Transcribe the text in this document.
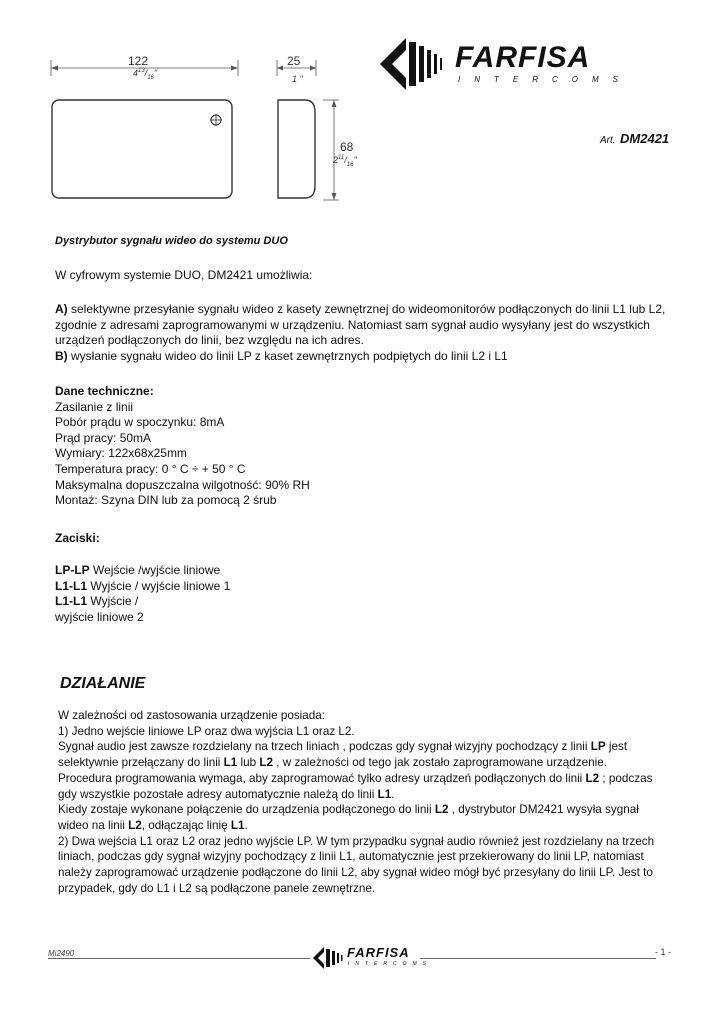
122
$4^{13}/_{16}$"
25
1 "
68
$2^{11}/_{16}$"
FARFISA
INTERCOMS
Art. DM2421
Dystrybutor sygnału wideo do systemu DUO
W cyfrowym systemie DUO, DM2421 umożliwia:
A) selektywne przesyłanie sygnału wideo z kasety zewnętrznej do wideomonitorów podłączonych do linii L1 lub L2,
zgodnie z adresami zaprogramowanymi w urządzeniu. Natomiast sam sygnał audio wysyłany jest do wszystkich
urządzeń podłączonych do linii, bez względu na ich adres.
B) wysłanie sygnału wideo do linii LP z kaset zewnętrznych podpiętych do linii L2 i L1
Dane techniczne:
Zasilanie z linii
Pobór prądu w spoczynku: 8mA
Prąd pracy: 50mA
Wymiary: 122x68x25mm
Temperatura pracy: 0 ° C ÷ + 50 ° C
Maksymalna dopuszczalna wilgotność: 90% RH
Montaż: Szyna DIN lub za pomocą 2 śrub
Zaciski:
LP-LP Wejście /wyjście liniowe
L1-L1 Wyjście / wyjście liniowe 1
L1-L1 Wyjście /
wyjście liniowe 2
DZIAŁANIE
W zależności od zastosowania urządzenie posiada:
1) Jedno wejście liniowe LP oraz dwa wyjścia L1 oraz L2.
Sygnał audio jest zawsze rozdzielany na trzech liniach , podczas gdy sygnał wizyjny pochodzący z linii LP jest
selektywnie przełączany do linii L1 lub L2 , w zależności od tego jak zostało zaprogramowane urządzenie.
Procedura programowania wymaga, aby zaprogramować tylko adresy urządzeń podłączonych do linii L2 ; podczas
gdy wszystkie pozostałe adresy automatycznie należą do linii L1.
Kiedy zostaje wykonane połączenie do urządzenia podłączonego do linii L2 , dystrybutor DM2421 wysyła sygnał
wideo na linii L2, odłączając linię L1.
2) Dwa wejścia L1 oraz L2 oraz jedno wyjście LP. W tym przypadku sygnał audio również jest rozdzielany na trzech
liniach, podczas gdy sygnał wizyjny pochodzący z linii L1, automatycznie jest przekierowany do linii LP, natomiast
należy zaprogramować urządzenie podłączone do linii L2, aby sygnał wideo mógł być przesyłany do linii LP. Jest to
przypadek, gdy do L1 i L2 są podłączone panele zewnętrzne.
Mi2490	FARFISA
INTERCOMS
- 1 -
